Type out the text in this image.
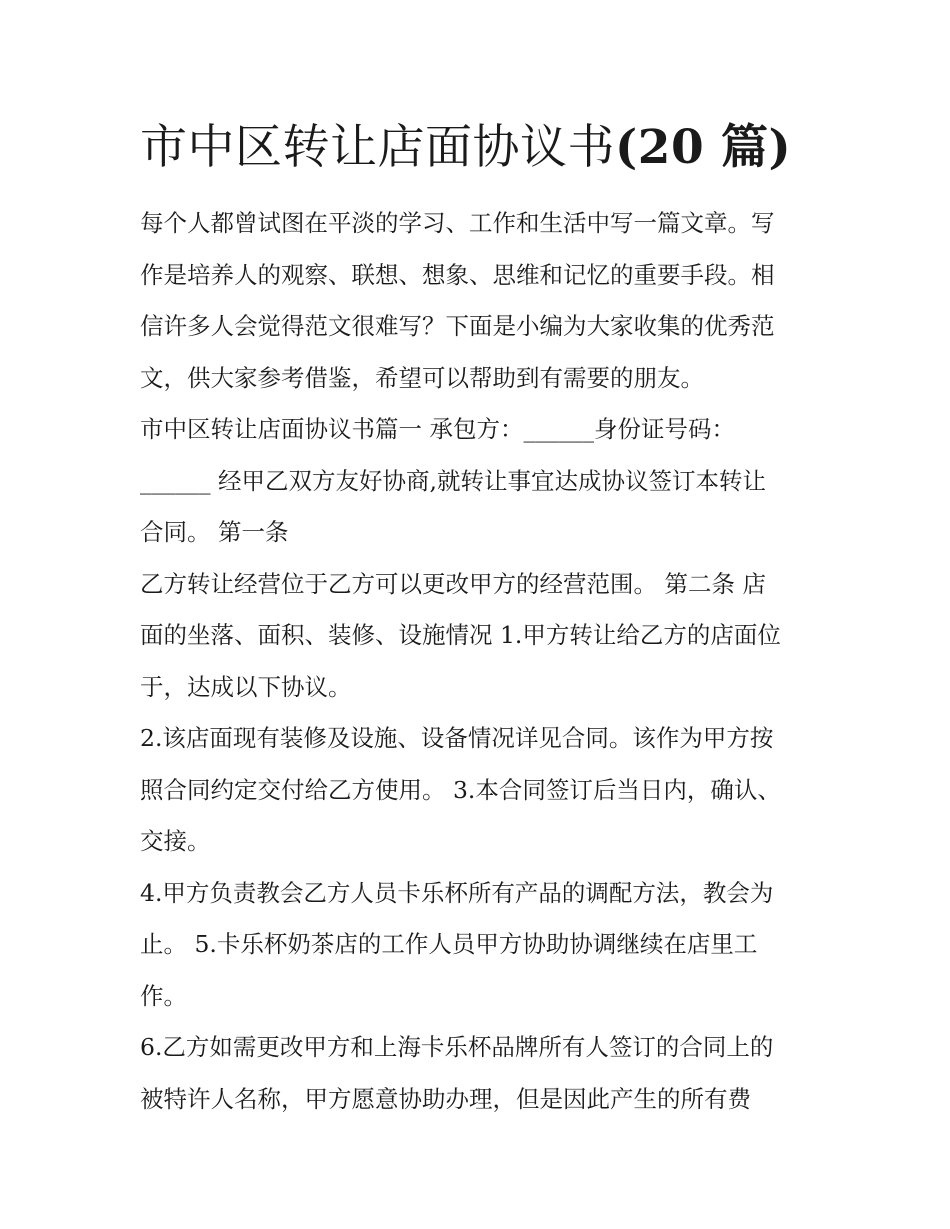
市中区转让店面协议书(20 篇)

每个人都曾试图在平淡的学习、工作和生活中写一篇文章。写
作是培养人的观察、联想、想象、思维和记忆的重要手段。相
信许多人会觉得范文很难写？下面是小编为大家收集的优秀范
文，供大家参考借鉴，希望可以帮助到有需要的朋友。

市中区转让店面协议书篇一 承包方：______身份证号码：
______ 经甲乙双方友好协商,就转让事宜达成协议签订本转让
合同。 第一条

乙方转让经营位于乙方可以更改甲方的经营范围。 第二条 店
面的坐落、面积、装修、设施情况 1.甲方转让给乙方的店面位
于，达成以下协议。

2.该店面现有装修及设施、设备情况详见合同。该作为甲方按
照合同约定交付给乙方使用。 3.本合同签订后当日内，确认、
交接。

4.甲方负责教会乙方人员卡乐杯所有产品的调配方法，教会为
止。 5.卡乐杯奶茶店的工作人员甲方协助协调继续在店里工
作。

6.乙方如需更改甲方和上海卡乐杯品牌所有人签订的合同上的
被特许人名称，甲方愿意协助办理，但是因此产生的所有费
